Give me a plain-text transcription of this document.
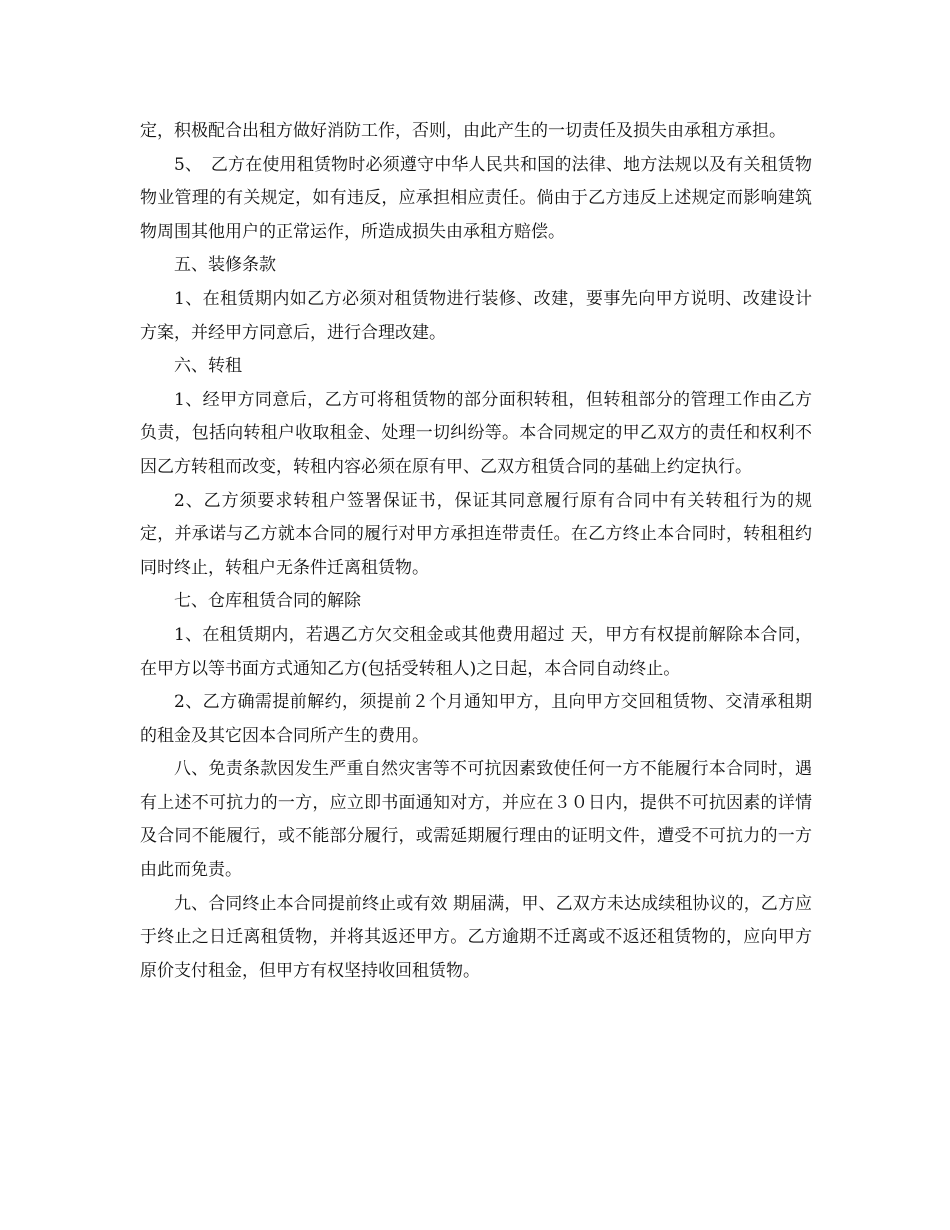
定，积极配合出租方做好消防工作，否则，由此产生的一切责任及损失由承租方承担。

5、　乙方在使用租赁物时必须遵守中华人民共和国的法律、地方法规以及有关租赁物物业管理的有关规定，如有违反，应承担相应责任。倘由于乙方违反上述规定而影响建筑物周围其他用户的正常运作，所造成损失由承租方赔偿。

五、装修条款

1、在租赁期内如乙方必须对租赁物进行装修、改建，要事先向甲方说明、改建设计方案，并经甲方同意后，进行合理改建。

六、转租

1、经甲方同意后，乙方可将租赁物的部分面积转租，但转租部分的管理工作由乙方负责，包括向转租户收取租金、处理一切纠纷等。本合同规定的甲乙双方的责任和权利不因乙方转租而改变，转租内容必须在原有甲、乙双方租赁合同的基础上约定执行。

2、乙方须要求转租户签署保证书，保证其同意履行原有合同中有关转租行为的规定，并承诺与乙方就本合同的履行对甲方承担连带责任。在乙方终止本合同时，转租租约同时终止，转租户无条件迁离租赁物。

七、仓库租赁合同的解除

1、在租赁期内，若遇乙方欠交租金或其他费用超过 天，甲方有权提前解除本合同，在甲方以等书面方式通知乙方(包括受转租人)之日起，本合同自动终止。

2、乙方确需提前解约，须提前２个月通知甲方，且向甲方交回租赁物、交清承租期的租金及其它因本合同所产生的费用。

八、免责条款因发生严重自然灾害等不可抗因素致使任何一方不能履行本合同时，遇有上述不可抗力的一方，应立即书面通知对方，并应在３０日内，提供不可抗因素的详情及合同不能履行，或不能部分履行，或需延期履行理由的证明文件，遭受不可抗力的一方由此而免责。

九、合同终止本合同提前终止或有效 期届满，甲、乙双方未达成续租协议的，乙方应于终止之日迁离租赁物，并将其返还甲方。乙方逾期不迁离或不返还租赁物的，应向甲方原价支付租金，但甲方有权坚持收回租赁物。
